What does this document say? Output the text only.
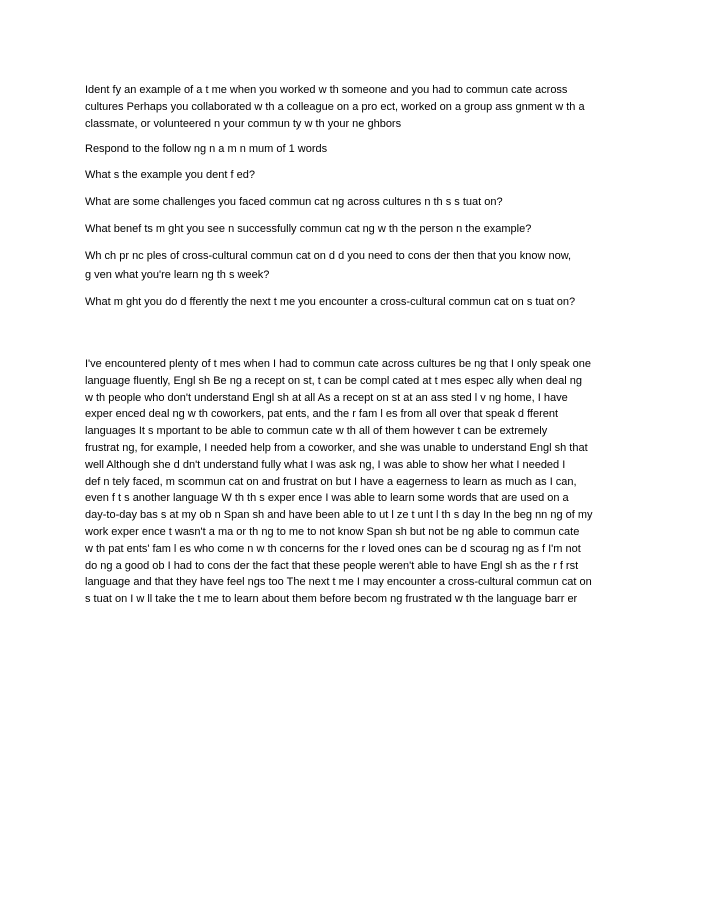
Ident fy an example of a t me when you worked w th someone and you had to commun cate across
cultures Perhaps you collaborated w th a colleague on a pro ect, worked on a group ass gnment w th a
classmate, or volunteered n your commun ty w th your ne ghbors

Respond to the follow ng n a m n mum of 1 words

What s the example you dent f ed?

What are some challenges you faced commun cat ng across cultures n th s s tuat on?

What benef ts m ght you see n successfully commun cat ng w th the person n the example?

Wh ch pr nc ples of cross-cultural commun cat on d d you need to cons der then that you know now,
g ven what you're learn ng th s week?

What m ght you do d fferently the next t me you encounter a cross-cultural commun cat on s tuat on?

I've encountered plenty of t mes when I had to commun cate across cultures be ng that I only speak one
language fluently, Engl sh Be ng a recept on st, t can be compl cated at t mes espec ally when deal ng
w th people who don't understand Engl sh at all As a recept on st at an ass sted l v ng home, I have
exper enced deal ng w th coworkers, pat ents, and the r fam l es from all over that speak d fferent
languages It s mportant to be able to commun cate w th all of them however t can be extremely
frustrat ng, for example, I needed help from a coworker, and she was unable to understand Engl sh that
well Although she d dn't understand fully what I was ask ng, I was able to show her what I needed I
def n tely faced, m scommun cat on and frustrat on but I have a eagerness to learn as much as I can,
even f t s another language W th th s exper ence I was able to learn some words that are used on a
day-to-day bas s at my ob n Span sh and have been able to ut l ze t unt l th s day In the beg nn ng of my
work exper ence t wasn't a ma or th ng to me to not know Span sh but not be ng able to commun cate
w th pat ents' fam l es who come n w th concerns for the r loved ones can be d scourag ng as f I'm not
do ng a good ob I had to cons der the fact that these people weren't able to have Engl sh as the r f rst
language and that they have feel ngs too The next t me I may encounter a cross-cultural commun cat on
s tuat on I w ll take the t me to learn about them before becom ng frustrated w th the language barr er
